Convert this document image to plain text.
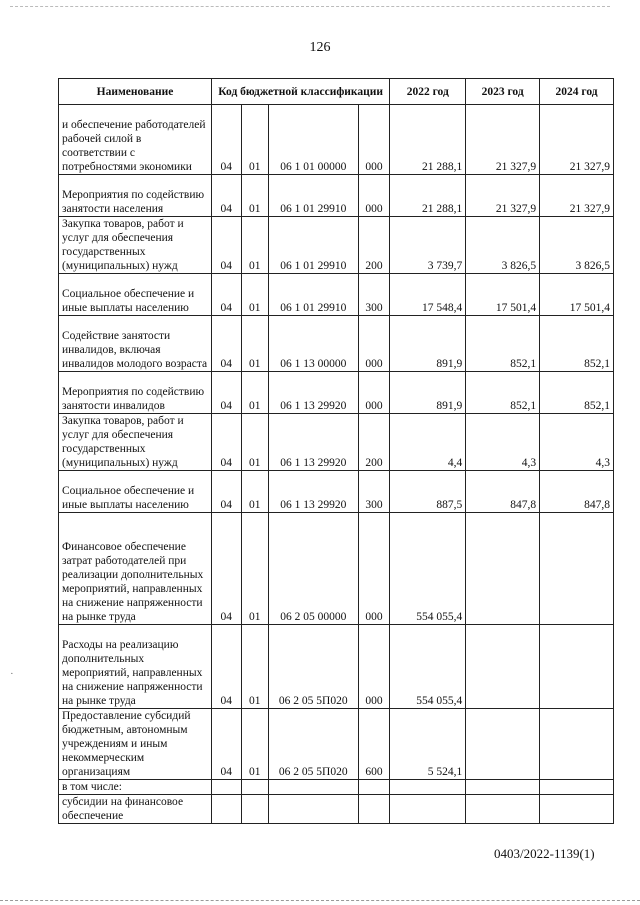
126
Наименование	Код бюджетной классификации				2022 год	2023 год	2024 год
и обеспечение работодателей рабочей силой в соответствии с потребностями экономики	04	01	06 1 01 00000	000	21 288,1	21 327,9	21 327,9
Мероприятия по содействию занятости населения	04	01	06 1 01 29910	000	21 288,1	21 327,9	21 327,9
Закупка товаров, работ и услуг для обеспечения государственных (муниципальных) нужд	04	01	06 1 01 29910	200	3 739,7	3 826,5	3 826,5
Социальное обеспечение и иные выплаты населению	04	01	06 1 01 29910	300	17 548,4	17 501,4	17 501,4
Содействие занятости инвалидов, включая инвалидов молодого возраста	04	01	06 1 13 00000	000	891,9	852,1	852,1
Мероприятия по содействию занятости инвалидов	04	01	06 1 13 29920	000	891,9	852,1	852,1
Закупка товаров, работ и услуг для обеспечения государственных (муниципальных) нужд	04	01	06 1 13 29920	200	4,4	4,3	4,3
Социальное обеспечение и иные выплаты населению	04	01	06 1 13 29920	300	887,5	847,8	847,8
Финансовое обеспечение затрат работодателей при реализации дополнительных мероприятий, направленных на снижение напряженности на рынке труда	04	01	06 2 05 00000	000	554 055,4		
Расходы на реализацию дополнительных мероприятий, направленных на снижение напряженности на рынке труда	04	01	06 2 05 5П020	000	554 055,4		
Предоставление субсидий бюджетным, автономным учреждениям и иным некоммерческим организациям	04	01	06 2 05 5П020	600	5 524,1		
в том числе:							
субсидии на финансовое обеспечение							
·
0403/2022-1139(1)
